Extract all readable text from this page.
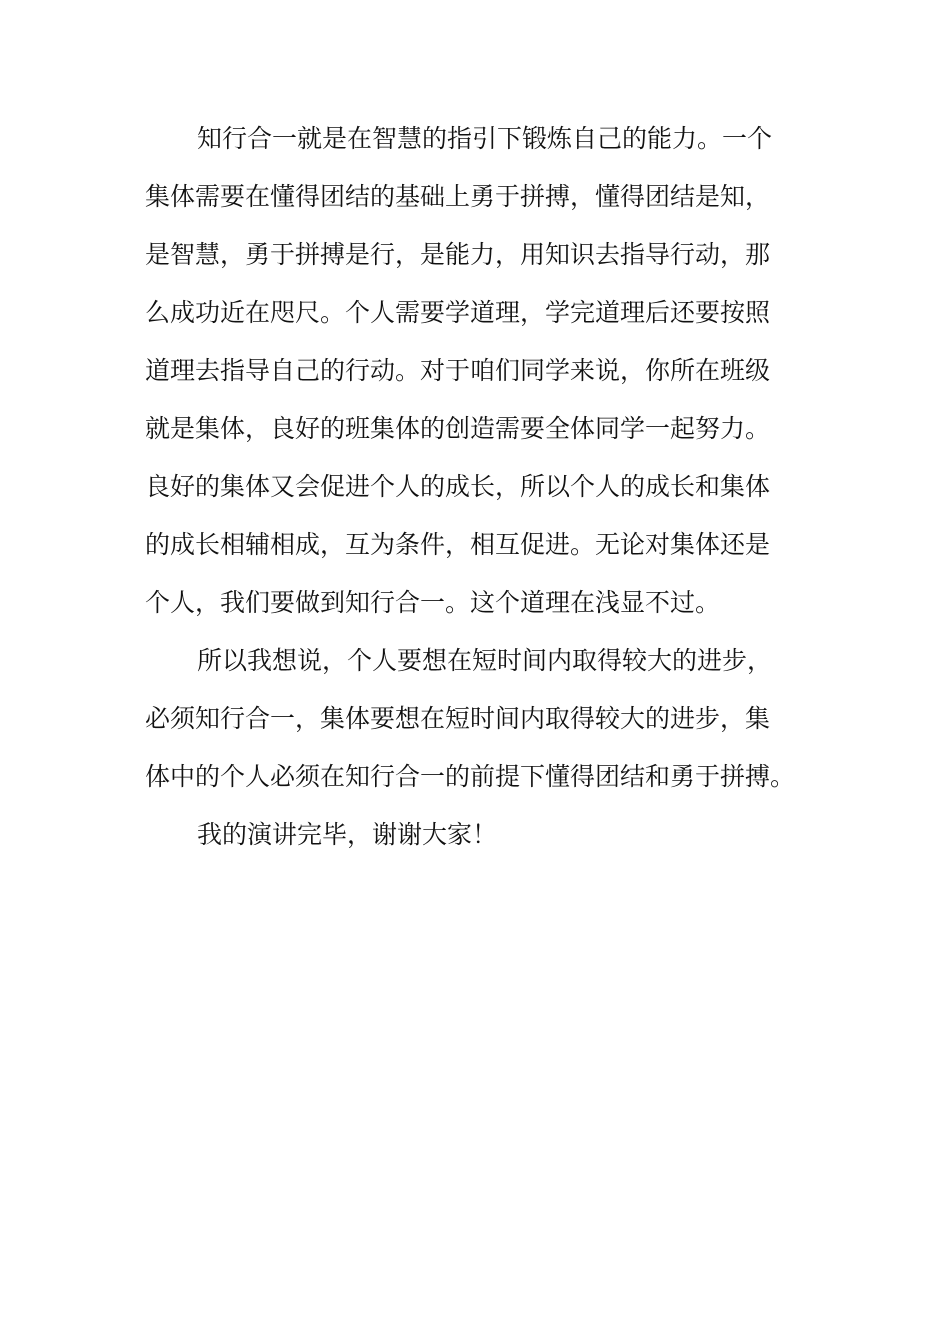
知行合一就是在智慧的指引下锻炼自己的能力。一个
集体需要在懂得团结的基础上勇于拼搏，懂得团结是知，
是智慧，勇于拼搏是行，是能力，用知识去指导行动，那
么成功近在咫尺。个人需要学道理，学完道理后还要按照
道理去指导自己的行动。对于咱们同学来说，你所在班级
就是集体，良好的班集体的创造需要全体同学一起努力。
良好的集体又会促进个人的成长，所以个人的成长和集体
的成长相辅相成，互为条件，相互促进。无论对集体还是
个人，我们要做到知行合一。这个道理在浅显不过。
所以我想说，个人要想在短时间内取得较大的进步，
必须知行合一，集体要想在短时间内取得较大的进步，集
体中的个人必须在知行合一的前提下懂得团结和勇于拼搏。
我的演讲完毕，谢谢大家！
